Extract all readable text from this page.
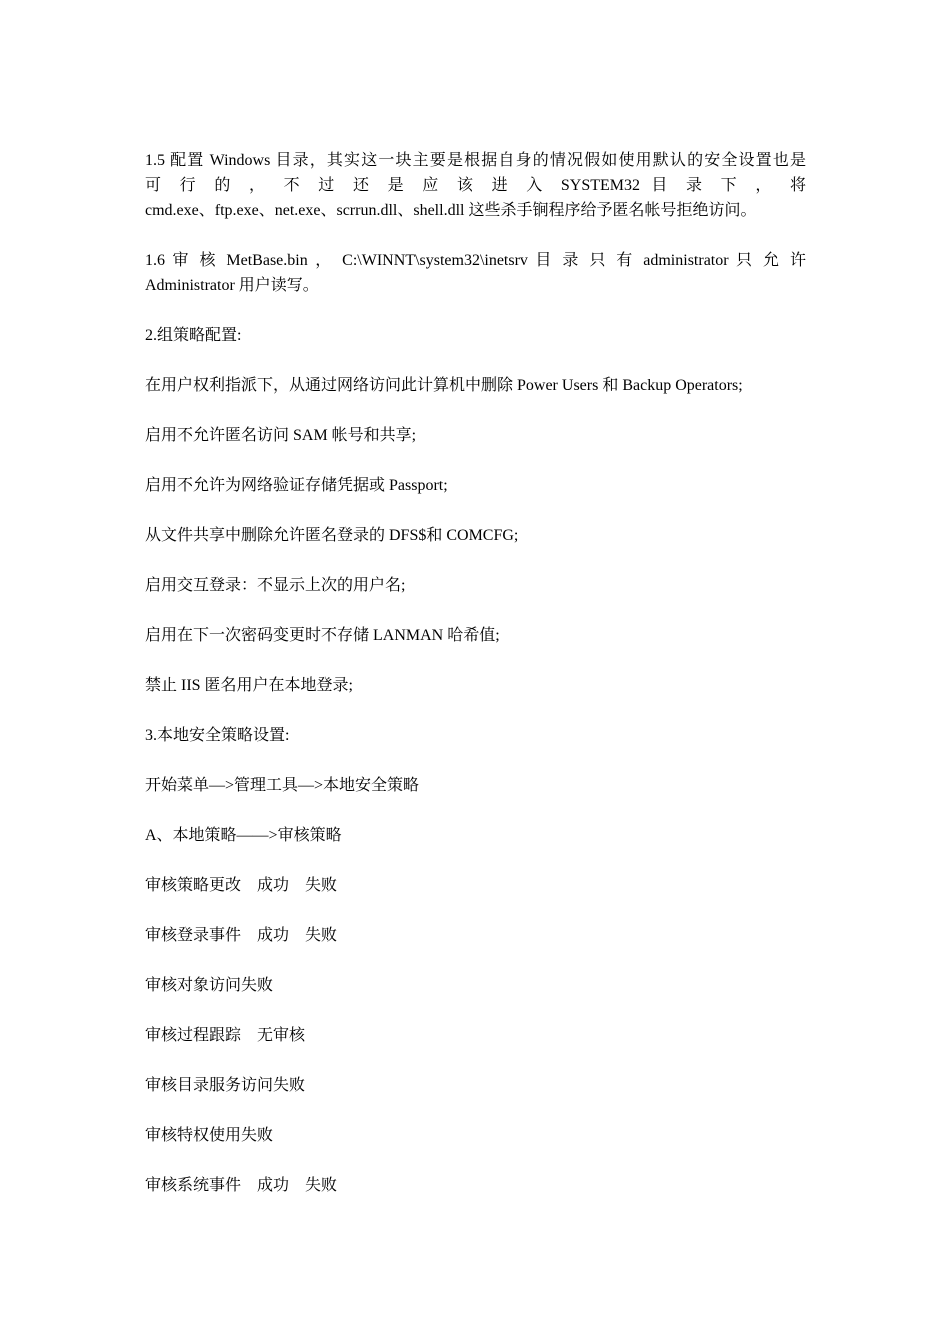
1.5 配置 Windows 目录，其实这一块主要是根据自身的情况假如使用默认的安全设置也是
可 行 的 ， 不 过 还 是 应 该 进 入 SYSTEM32 目 录 下 ， 将
cmd.exe、ftp.exe、net.exe、scrrun.dll、shell.dll 这些杀手锏程序给予匿名帐号拒绝访问。

1.6 审 核 MetBase.bin ， C:\WINNT\system32\inetsrv 目 录 只 有 administrator 只 允 许
Administrator 用户读写。

2.组策略配置:

在用户权利指派下，从通过网络访问此计算机中删除 Power Users 和 Backup Operators;

启用不允许匿名访问 SAM 帐号和共享;

启用不允许为网络验证存储凭据或 Passport;

从文件共享中删除允许匿名登录的 DFS$和 COMCFG;

启用交互登录：不显示上次的用户名;

启用在下一次密码变更时不存储 LANMAN 哈希值;

禁止 IIS 匿名用户在本地登录;

3.本地安全策略设置:

开始菜单—>管理工具—>本地安全策略

A、本地策略——>审核策略

审核策略更改　成功　失败

审核登录事件　成功　失败

审核对象访问失败

审核过程跟踪　无审核

审核目录服务访问失败

审核特权使用失败

审核系统事件　成功　失败
